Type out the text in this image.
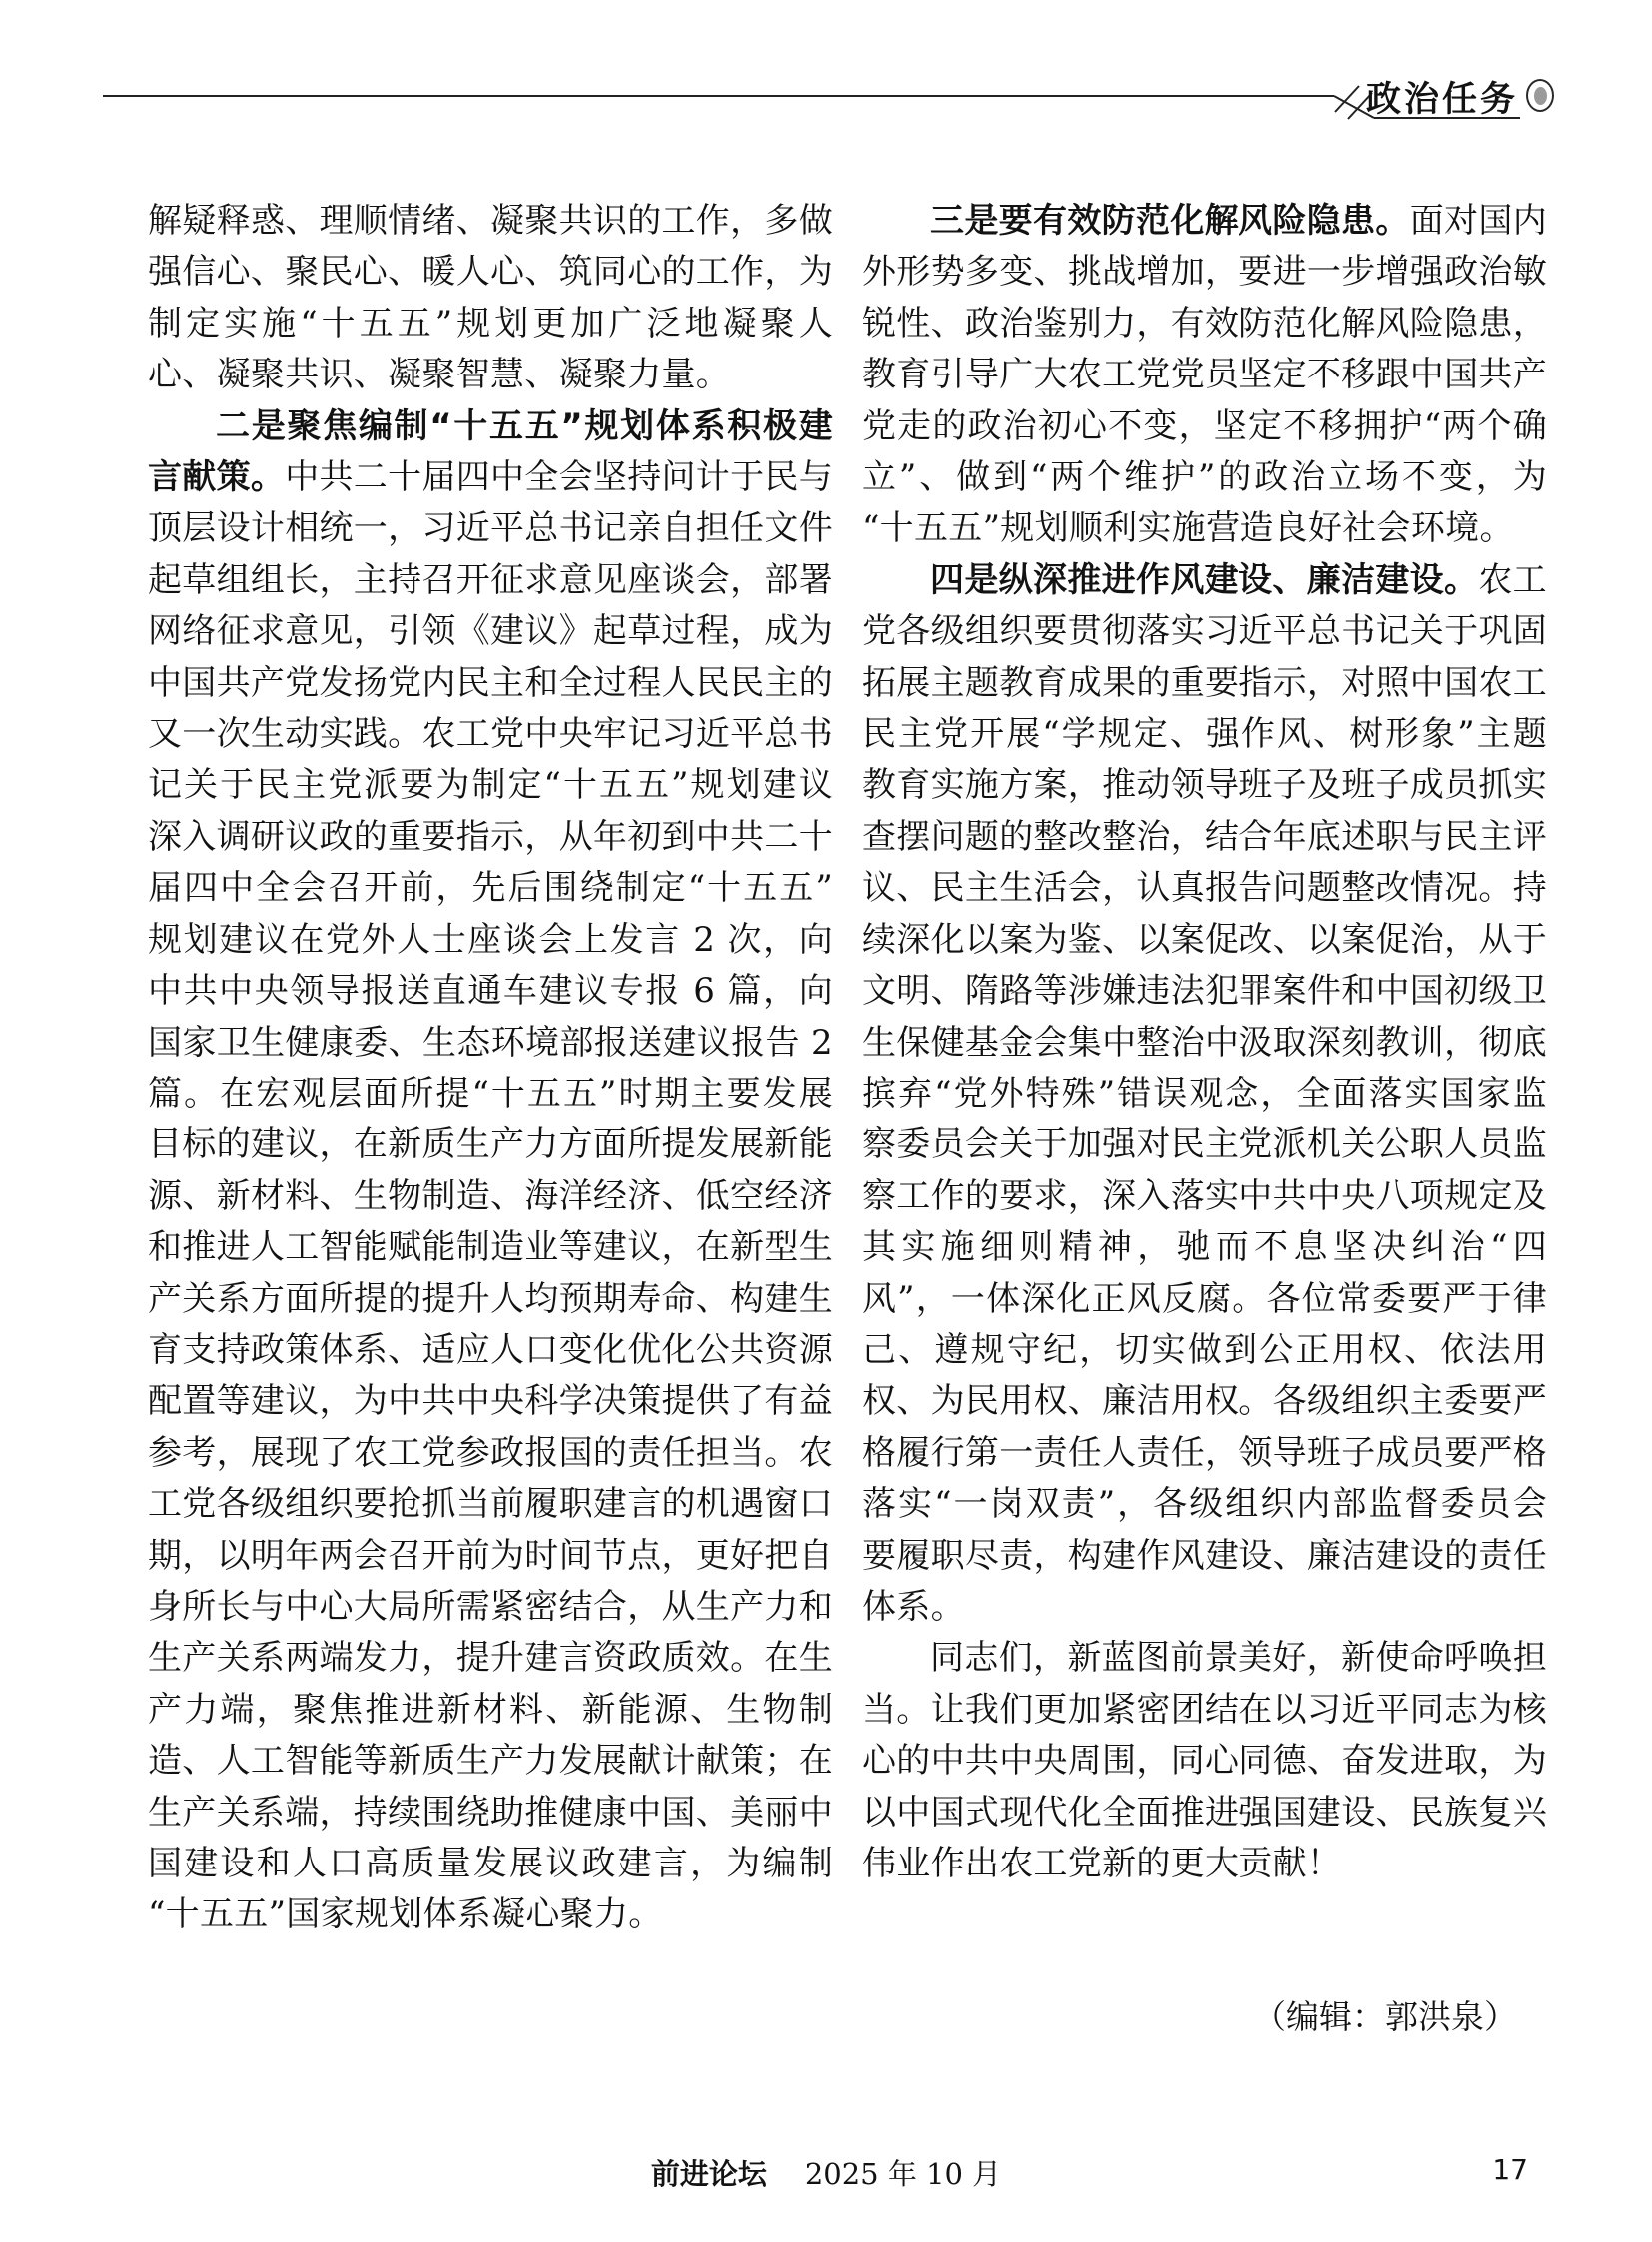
政治任务

解疑释惑、理顺情绪、凝聚共识的工作，多做强信心、聚民心、暖人心、筑同心的工作，为制定实施“十五五”规划更加广泛地凝聚人心、凝聚共识、凝聚智慧、凝聚力量。

二是聚焦编制“十五五”规划体系积极建言献策。中共二十届四中全会坚持问计于民与顶层设计相统一，习近平总书记亲自担任文件起草组组长，主持召开征求意见座谈会，部署网络征求意见，引领《建议》起草过程，成为中国共产党发扬党内民主和全过程人民民主的又一次生动实践。农工党中央牢记习近平总书记关于民主党派要为制定“十五五”规划建议深入调研议政的重要指示，从年初到中共二十届四中全会召开前，先后围绕制定“十五五”规划建议在党外人士座谈会上发言 2 次，向中共中央领导报送直通车建议专报 6 篇，向国家卫生健康委、生态环境部报送建议报告 2 篇。在宏观层面所提“十五五”时期主要发展目标的建议，在新质生产力方面所提发展新能源、新材料、生物制造、海洋经济、低空经济和推进人工智能赋能制造业等建议，在新型生产关系方面所提的提升人均预期寿命、构建生育支持政策体系、适应人口变化优化公共资源配置等建议，为中共中央科学决策提供了有益参考，展现了农工党参政报国的责任担当。农工党各级组织要抢抓当前履职建言的机遇窗口期，以明年两会召开前为时间节点，更好把自身所长与中心大局所需紧密结合，从生产力和生产关系两端发力，提升建言资政质效。在生产力端，聚焦推进新材料、新能源、生物制造、人工智能等新质生产力发展献计献策；在生产关系端，持续围绕助推健康中国、美丽中国建设和人口高质量发展议政建言，为编制“十五五”国家规划体系凝心聚力。

三是要有效防范化解风险隐患。面对国内外形势多变、挑战增加，要进一步增强政治敏锐性、政治鉴别力，有效防范化解风险隐患，教育引导广大农工党党员坚定不移跟中国共产党走的政治初心不变，坚定不移拥护“两个确立”、做到“两个维护”的政治立场不变，为“十五五”规划顺利实施营造良好社会环境。

四是纵深推进作风建设、廉洁建设。农工党各级组织要贯彻落实习近平总书记关于巩固拓展主题教育成果的重要指示，对照中国农工民主党开展“学规定、强作风、树形象”主题教育实施方案，推动领导班子及班子成员抓实查摆问题的整改整治，结合年底述职与民主评议、民主生活会，认真报告问题整改情况。持续深化以案为鉴、以案促改、以案促治，从于文明、隋路等涉嫌违法犯罪案件和中国初级卫生保健基金会集中整治中汲取深刻教训，彻底摈弃“党外特殊”错误观念，全面落实国家监察委员会关于加强对民主党派机关公职人员监察工作的要求，深入落实中共中央八项规定及其实施细则精神，驰而不息坚决纠治“四风”，一体深化正风反腐。各位常委要严于律己、遵规守纪，切实做到公正用权、依法用权、为民用权、廉洁用权。各级组织主委要严格履行第一责任人责任，领导班子成员要严格落实“一岗双责”，各级组织内部监督委员会要履职尽责，构建作风建设、廉洁建设的责任体系。

同志们，新蓝图前景美好，新使命呼唤担当。让我们更加紧密团结在以习近平同志为核心的中共中央周围，同心同德、奋发进取，为以中国式现代化全面推进强国建设、民族复兴伟业作出农工党新的更大贡献！

（编辑：郭洪泉）
前进论坛 2025 年 10 月	17
